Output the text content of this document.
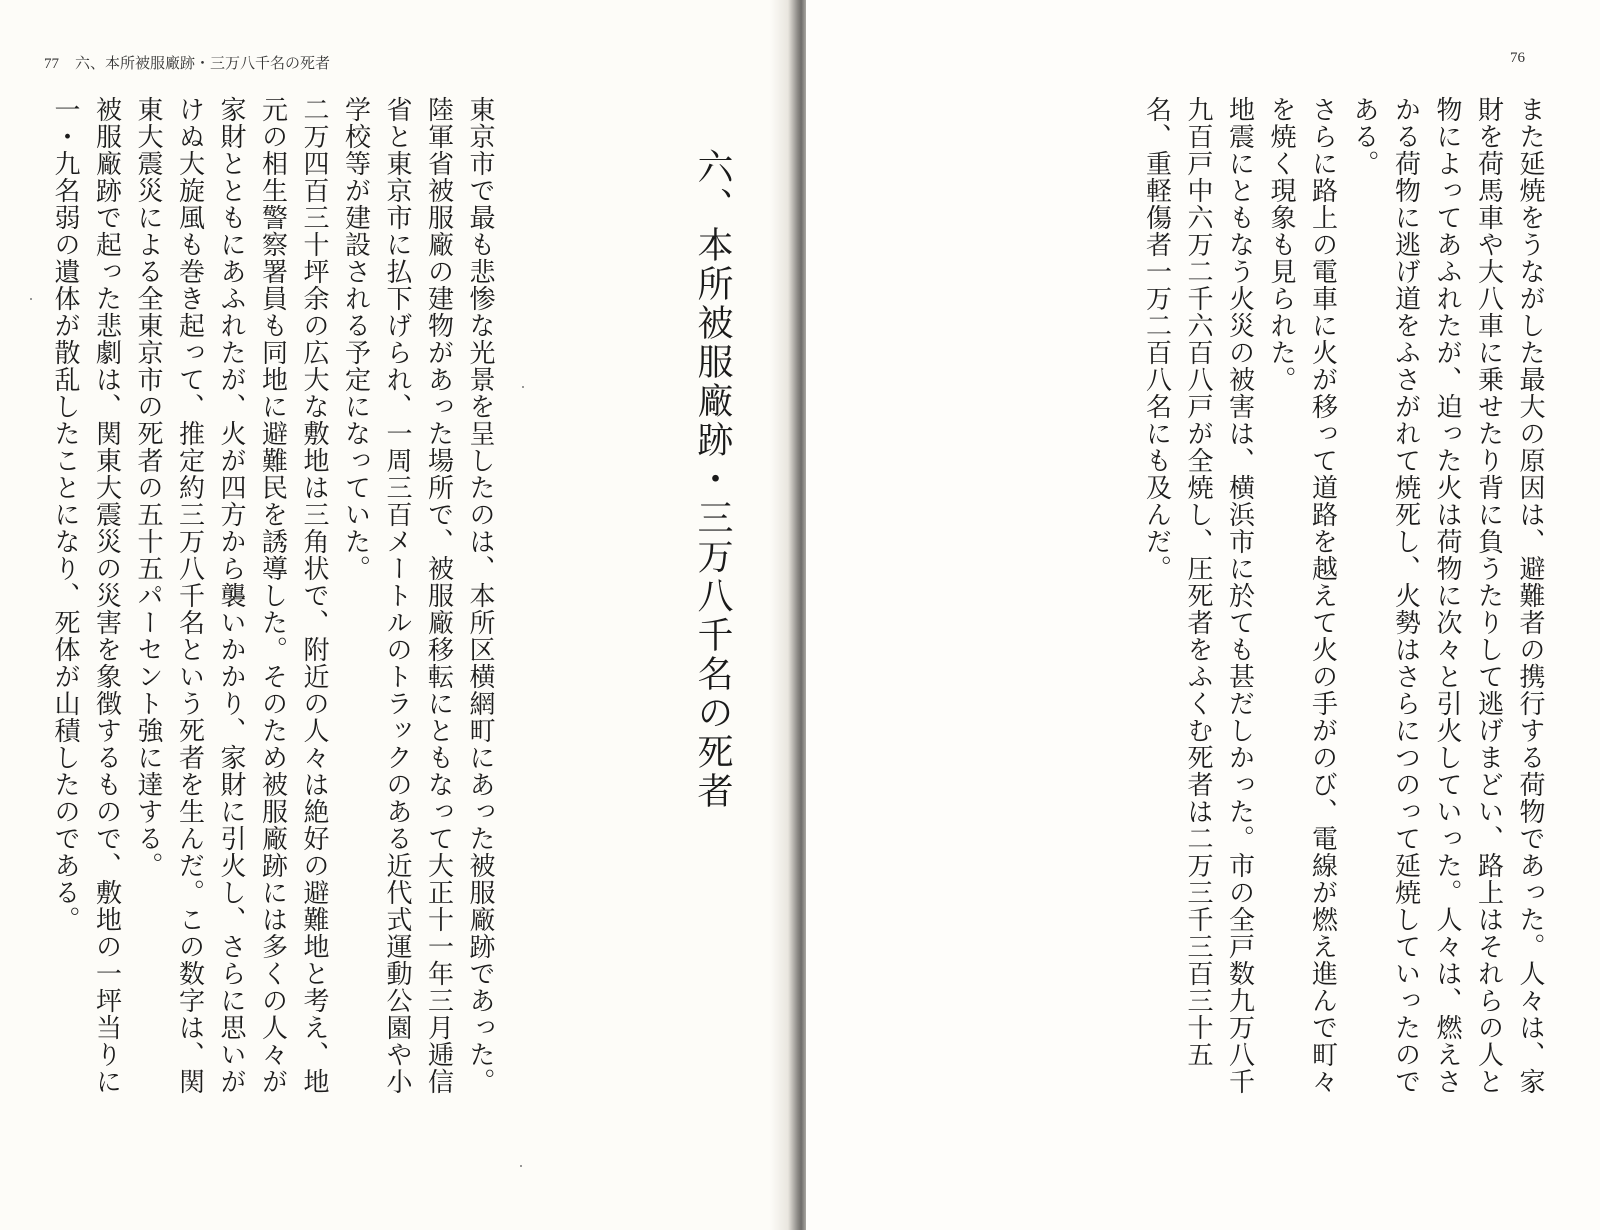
77 六、本所被服廠跡・三万八千名の死者
六、本所被服廠跡・三万八千名の死者

東京市で最も悲惨な光景を呈したのは、本所区横網町にあった被服廠跡であった。陸軍省被服廠の建物があった場所で、被服廠移転にともなって大正十一年三月逓信省と東京市に払下げられ、一周三百メートルのトラックのある近代式運動公園や小学校等が建設される予定になっていた。

二万四百三十坪余の広大な敷地は三角状で、附近の人々は絶好の避難地と考え、地元の相生警察署員も同地に避難民を誘導した。そのため被服廠跡には多くの人々が家財とともにあふれたが、火が四方から襲いかかり、家財に引火し、さらに思いがけぬ大旋風も巻き起って、推定約三万八千名という死者を生んだ。この数字は、関東大震災による全東京市の死者の五十五パーセント強に達する。

被服廠跡で起った悲劇は、関東大震災の災害を象徴するもので、敷地の一坪当りに一・九名弱の遺体が散乱したことになり、死体が山積したのである。

76

また延焼をうながした最大の原因は、避難者の携行する荷物であった。人々は、家財を荷馬車や大八車に乗せたり背に負うたりして逃げまどい、路上はそれらの人と物によってあふれたが、迫った火は荷物に次々と引火していった。人々は、燃えさかる荷物に逃げ道をふさがれて焼死し、火勢はさらにつのって延焼していったのである。

さらに路上の電車に火が移って道路を越えて火の手がのび、電線が燃え進んで町々を焼く現象も見られた。

地震にともなう火災の被害は、横浜市に於ても甚だしかった。市の全戸数九万八千九百戸中六万二千六百八戸が全焼し、圧死者をふくむ死者は二万三千三百三十五名、重軽傷者一万二百八名にも及んだ。
